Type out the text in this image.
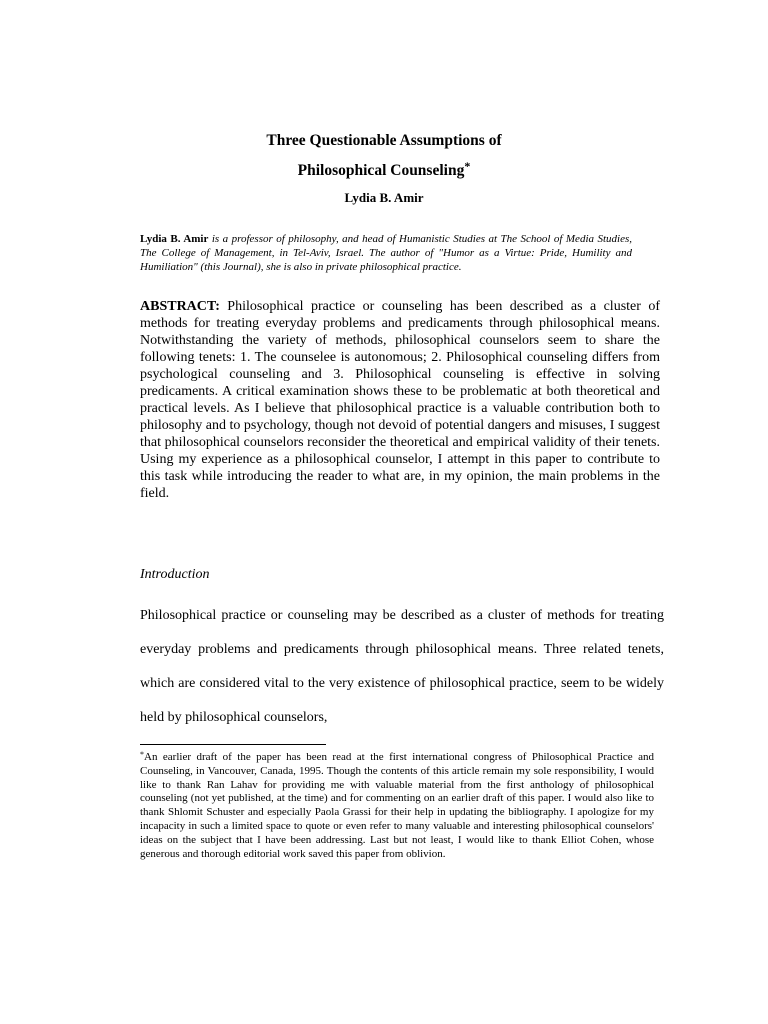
Three Questionable Assumptions of
Philosophical Counseling*
Lydia B. Amir
Lydia B. Amir is a professor of philosophy, and head of Humanistic Studies at The School of Media Studies, The College of Management, in Tel-Aviv, Israel. The author of "Humor as a Virtue: Pride, Humility and Humiliation" (this Journal), she is also in private philosophical practice.
ABSTRACT: Philosophical practice or counseling has been described as a cluster of methods for treating everyday problems and predicaments through philosophical means. Notwithstanding the variety of methods, philosophical counselors seem to share the following tenets: 1. The counselee is autonomous; 2. Philosophical counseling differs from psychological counseling and 3. Philosophical counseling is effective in solving predicaments. A critical examination shows these to be problematic at both theoretical and practical levels. As I believe that philosophical practice is a valuable contribution both to philosophy and to psychology, though not devoid of potential dangers and misuses, I suggest that philosophical counselors reconsider the theoretical and empirical validity of their tenets. Using my experience as a philosophical counselor, I attempt in this paper to contribute to this task while introducing the reader to what are, in my opinion, the main problems in the field.
Introduction
Philosophical practice or counseling may be described as a cluster of methods for treating everyday problems and predicaments through philosophical means. Three related tenets, which are considered vital to the very existence of philosophical practice, seem to be widely held by philosophical counselors,
*An earlier draft of the paper has been read at the first international congress of Philosophical Practice and Counseling, in Vancouver, Canada, 1995. Though the contents of this article remain my sole responsibility, I would like to thank Ran Lahav for providing me with valuable material from the first anthology of philosophical counseling (not yet published, at the time) and for commenting on an earlier draft of this paper. I would also like to thank Shlomit Schuster and especially Paola Grassi for their help in updating the bibliography. I apologize for my incapacity in such a limited space to quote or even refer to many valuable and interesting philosophical counselors' ideas on the subject that I have been addressing. Last but not least, I would like to thank Elliot Cohen, whose generous and thorough editorial work saved this paper from oblivion.
